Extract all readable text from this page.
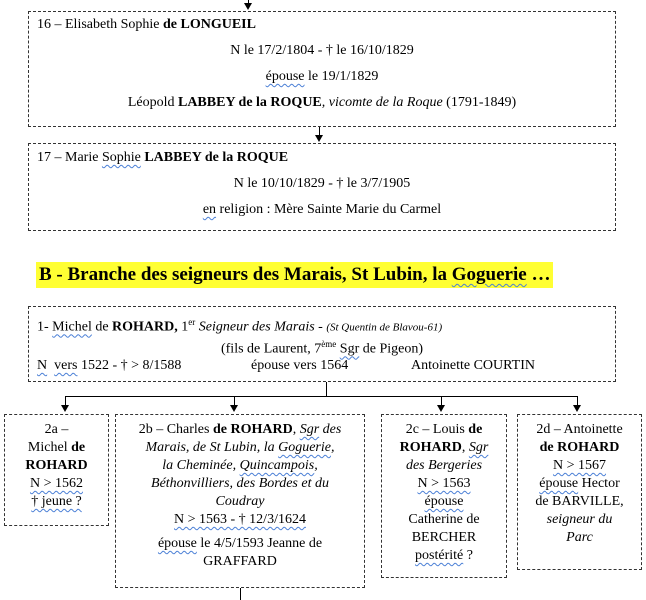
16 – Elisabeth Sophie de LONGUEIL
N le 17/2/1804 - † le 16/10/1829
épouse le 19/1/1829
Léopold LABBEY de la ROQUE, vicomte de la Roque (1791-1849)
17 – Marie Sophie LABBEY de la ROQUE
N le 10/10/1829 - † le 3/7/1905
en religion : Mère Sainte Marie du Carmel
B - Branche des seigneurs des Marais, St Lubin, la Goguerie …
1- Michel de ROHARD, 1er Seigneur des Marais - (St Quentin de Blavou-61)
(fils de Laurent, 7ème Sgr de Pigeon)
N vers 1522 - † > 8/1588	épouse vers 1564	Antoinette COURTIN
2a –
Michel de
ROHARD
N > 1562
† jeune ?
2b – Charles de ROHARD, Sgr des
Marais, de St Lubin, la Goguerie,
la Cheminée, Quincampois,
Béthonvilliers, des Bordes et du
Coudray
N > 1563 - † 12/3/1624
épouse le 4/5/1593 Jeanne de
GRAFFARD
2c – Louis de
ROHARD, Sgr
des Bergeries
N > 1563
épouse
Catherine de
BERCHER
postérité ?
2d – Antoinette
de ROHARD
N > 1567
épouse Hector
de BARVILLE,
seigneur du
Parc
